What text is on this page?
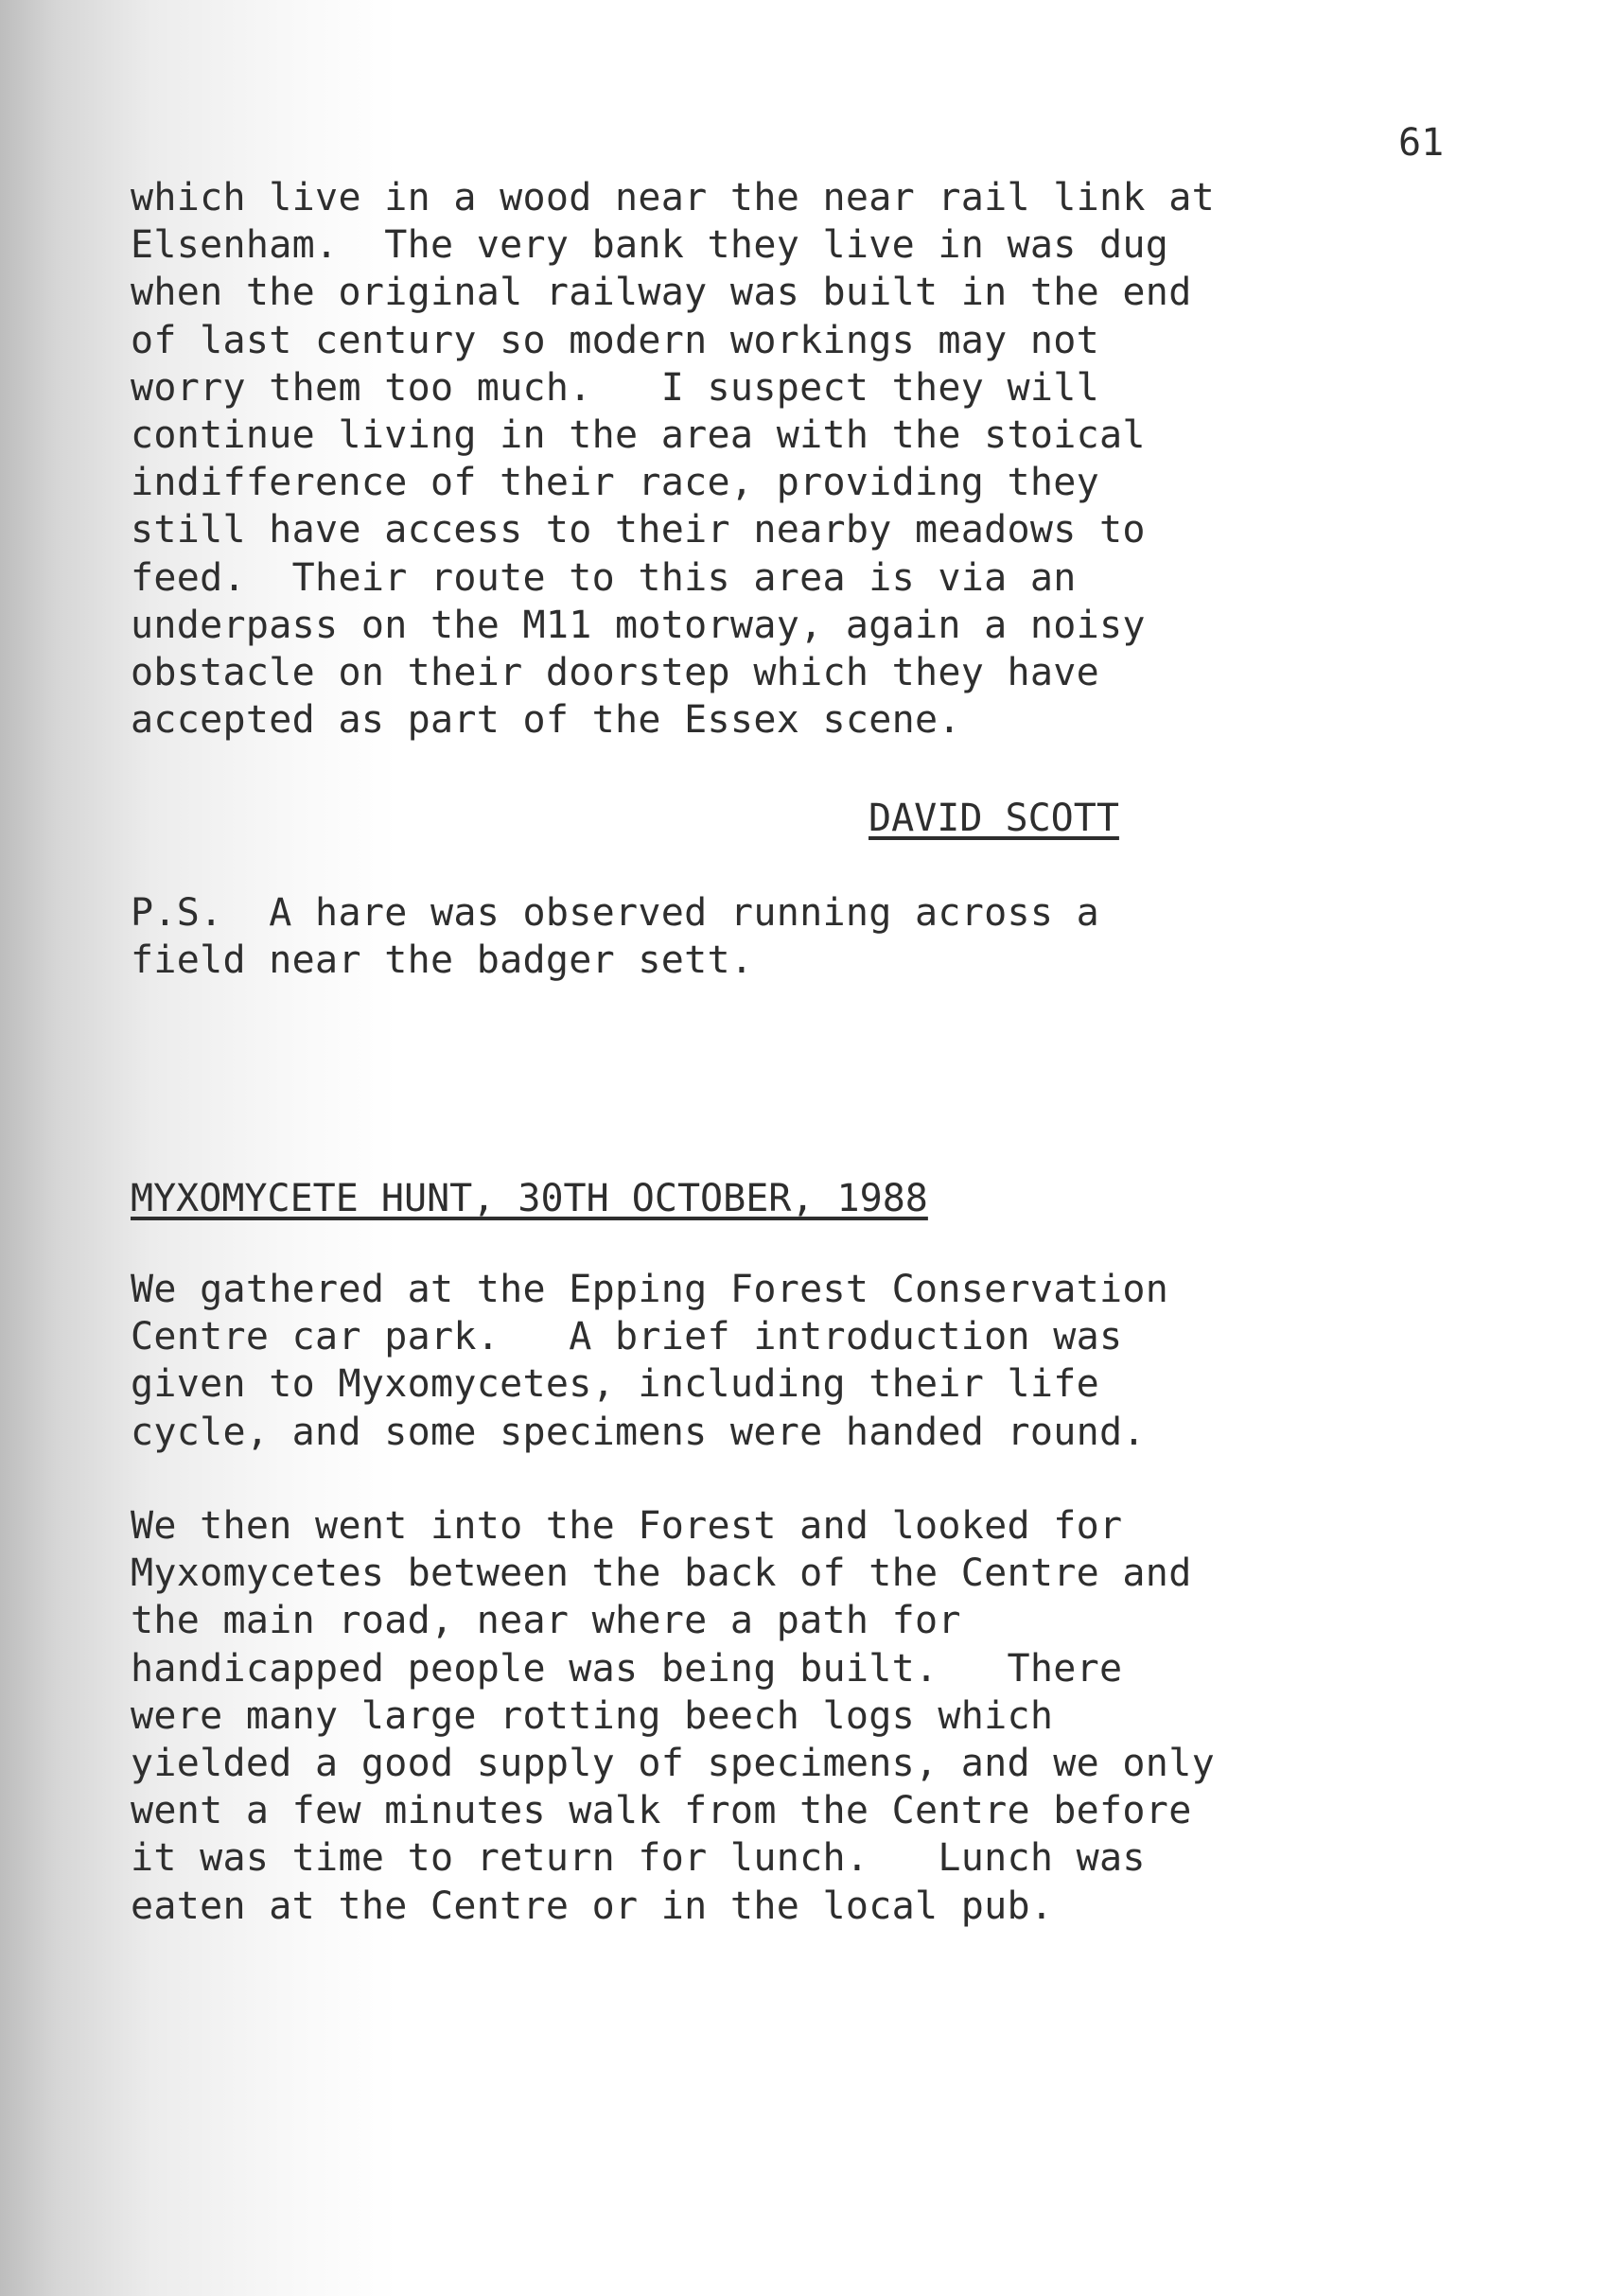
61
which live in a wood near the near rail link at
Elsenham.  The very bank they live in was dug
when the original railway was built in the end
of last century so modern workings may not
worry them too much.   I suspect they will
continue living in the area with the stoical
indifference of their race, providing they
still have access to their nearby meadows to
feed.  Their route to this area is via an
underpass on the M11 motorway, again a noisy
obstacle on their doorstep which they have
accepted as part of the Essex scene.
DAVID SCOTT
P.S.  A hare was observed running across a
field near the badger sett.
MYXOMYCETE HUNT, 30TH OCTOBER, 1988
We gathered at the Epping Forest Conservation
Centre car park.   A brief introduction was
given to Myxomycetes, including their life
cycle, and some specimens were handed round.
We then went into the Forest and looked for
Myxomycetes between the back of the Centre and
the main road, near where a path for
handicapped people was being built.   There
were many large rotting beech logs which
yielded a good supply of specimens, and we only
went a few minutes walk from the Centre before
it was time to return for lunch.   Lunch was
eaten at the Centre or in the local pub.
